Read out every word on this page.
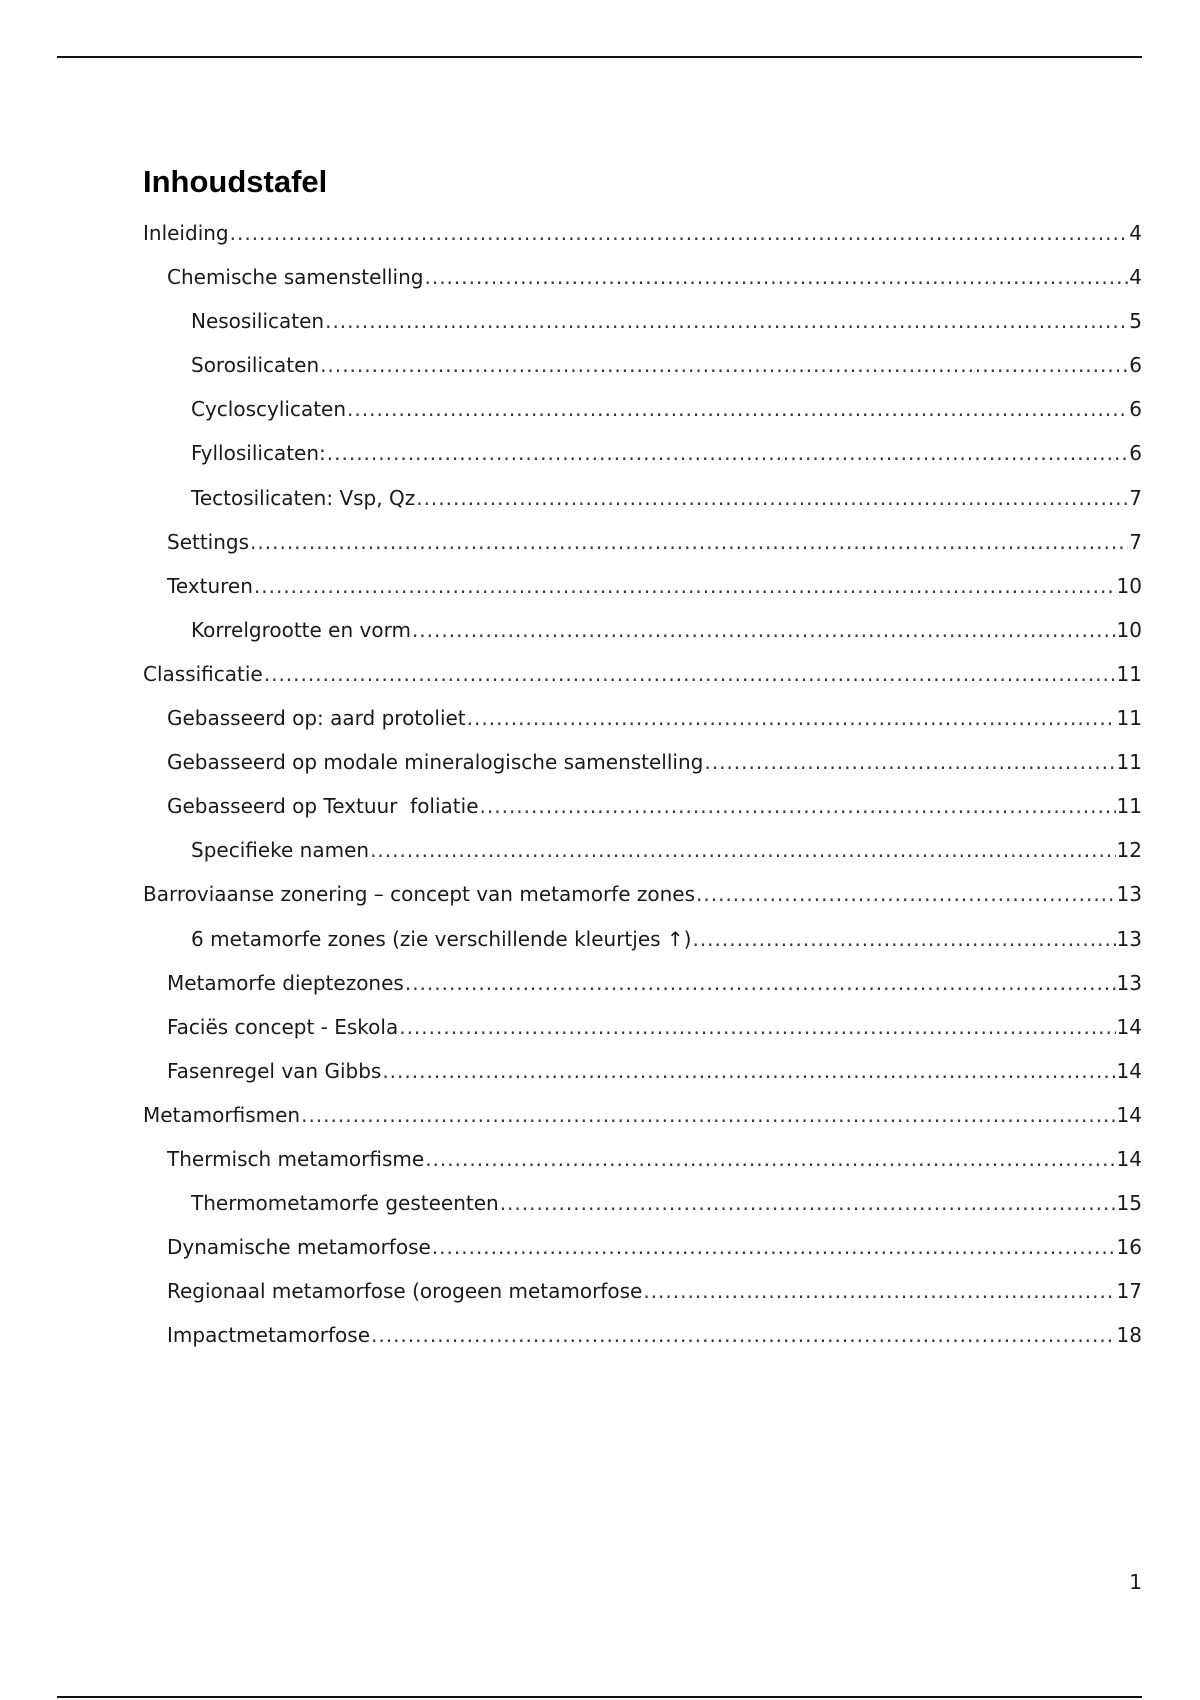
Inhoudstafel
Inleiding .....	4
Chemische samenstelling .....	4
Nesosilicaten .....	5
Sorosilicaten .....	6
Cycloscylicaten .....	6
Fyllosilicaten: .....	6
Tectosilicaten: Vsp, Qz .....	7
Settings .....	7
Texturen .....	10
Korrelgrootte en vorm .....	10
Classificatie .....	11
Gebasseerd op: aard protoliet .....	11
Gebasseerd op modale mineralogische samenstelling .....	11
Gebasseerd op Textuur  foliatie .....	11
Specifieke namen .....	12
Barroviaanse zonering – concept van metamorfe zones .....	13
6 metamorfe zones (zie verschillende kleurtjes ↑) .....	13
Metamorfe dieptezones .....	13
Faciës concept - Eskola .....	14
Fasenregel van Gibbs .....	14
Metamorfismen .....	14
Thermisch metamorfisme .....	14
Thermometamorfe gesteenten .....	15
Dynamische metamorfose .....	16
Regionaal metamorfose (orogeen metamorfose .....	17
Impactmetamorfose .....	18
1
